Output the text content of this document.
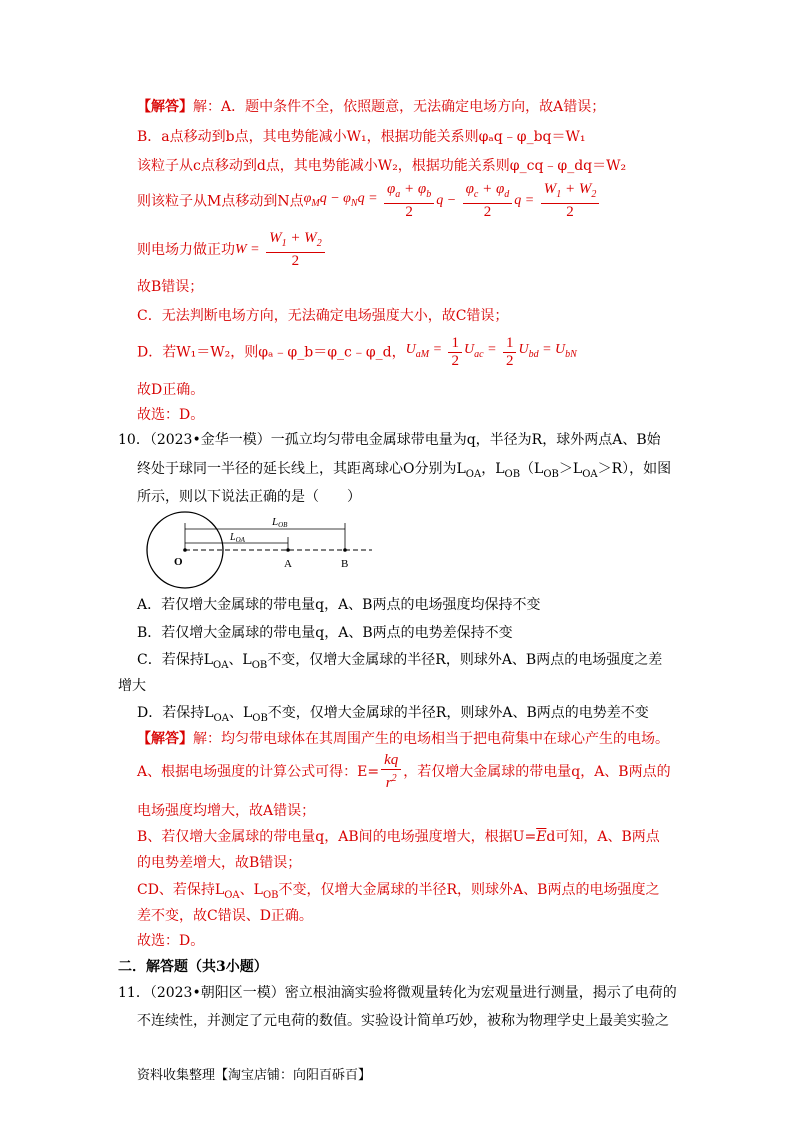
【解答】解：A．题中条件不全，依照题意，无法确定电场方向，故A错误；
B．a点移动到b点，其电势能减小W₁，根据功能关系则φₐq﹣φ_bq＝W₁
该粒子从c点移动到d点，其电势能减小W₂，根据功能关系则φ_cq﹣φ_dq＝W₂
则该粒子从M点移动到N点$\varphi_Mq - \varphi_Nq = \frac{\varphi_a + \varphi_b}{2}$ $q - \frac{\varphi_c + \varphi_d}{2}$ $q = \frac{W_1 + W_2}{2}$
则电场力做正功$W = \frac{W_1 + W_2}{2}$
故B错误；
C．无法判断电场方向，无法确定电场强度大小，故C错误；
D．若W₁＝W₂，则φₐ﹣φ_b＝φ_c﹣φ_d，$U_{aM} = \frac{1}{2} U_{ac} = \frac{1}{2} U_{bd} = U_{bN}$
故D正确。
故选：D。
10．（2023•金华一模）一孤立均匀带电金属球带电量为q，半径为R，球外两点A、B始
终处于球同一半径的延长线上，其距离球心O分别为$L_{OA}$，$L_{OB}(L_{OB}>L_{OA}>R)$，如图
所示，则以下说法正确的是（　　）
LOB
$L_{OA}$
O	A	B
A．若仅增大金属球的带电量q，A、B两点的电场强度均保持不变
B．若仅增大金属球的带电量q，A、B两点的电势差保持不变
C．若保持$L_{OA}$、$L_{OB}$不变，仅增大金属球的半径R，则球外A、B两点的电场强度之差
增大
D．若保持$L_{OA}$、$L_{OB}$不变，仅增大金属球的半径R，则球外A、B两点的电势差不变
【解答】解：均匀带电球体在其周围产生的电场相当于把电荷集中在球心产生的电场。
A、根据电场强度的计算公式可得：$E= \frac{kq}{r^2}$ ，若仅增大金属球的带电量q，A、B两点的
电场强度均增大，故A错误；
B、若仅增大金属球的带电量q，AB间的电场强度增大，根据$U=\overline{E}d$可知，A、B两点
的电势差增大，故B错误；
CD、若保持$L_{OA}$、$L_{OB}$不变，仅增大金属球的半径R，则球外A、B两点的电场强度之
差不变，故C错误、D正确。
故选：D。
二．解答题（共3小题）
11．（2023•朝阳区一模）密立根油滴实验将微观量转化为宏观量进行测量，揭示了电荷的
不连续性，并测定了元电荷的数值。实验设计简单巧妙，被称为物理学史上最美实验之
资料收集整理【淘宝店铺：向阳百䂨百】
